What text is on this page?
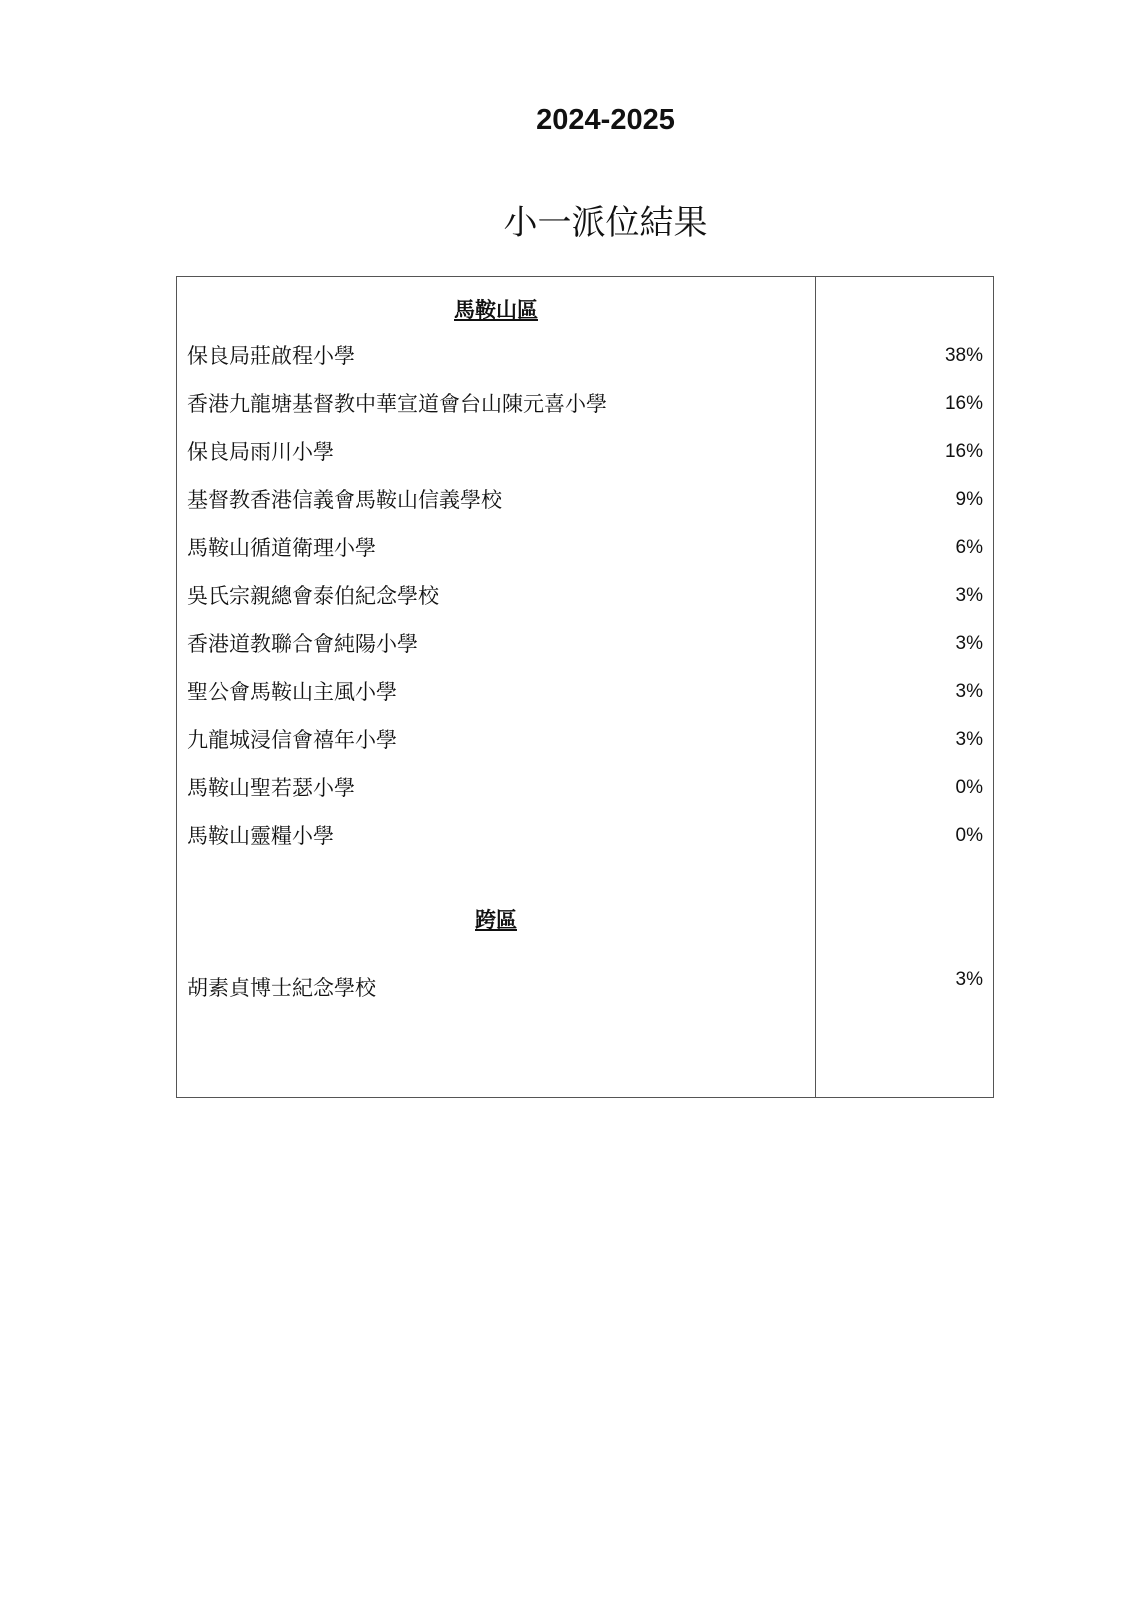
2024-2025
小一派位結果
馬鞍山區
保良局莊啟程小學	38%
香港九龍塘基督教中華宣道會台山陳元喜小學	16%
保良局雨川小學	16%
基督教香港信義會馬鞍山信義學校	9%
馬鞍山循道衛理小學	6%
吳氏宗親總會泰伯紀念學校	3%
香港道教聯合會純陽小學	3%
聖公會馬鞍山主風小學	3%
九龍城浸信會禧年小學	3%
馬鞍山聖若瑟小學	0%
馬鞍山靈糧小學	0%
跨區
胡素貞博士紀念學校	3%
